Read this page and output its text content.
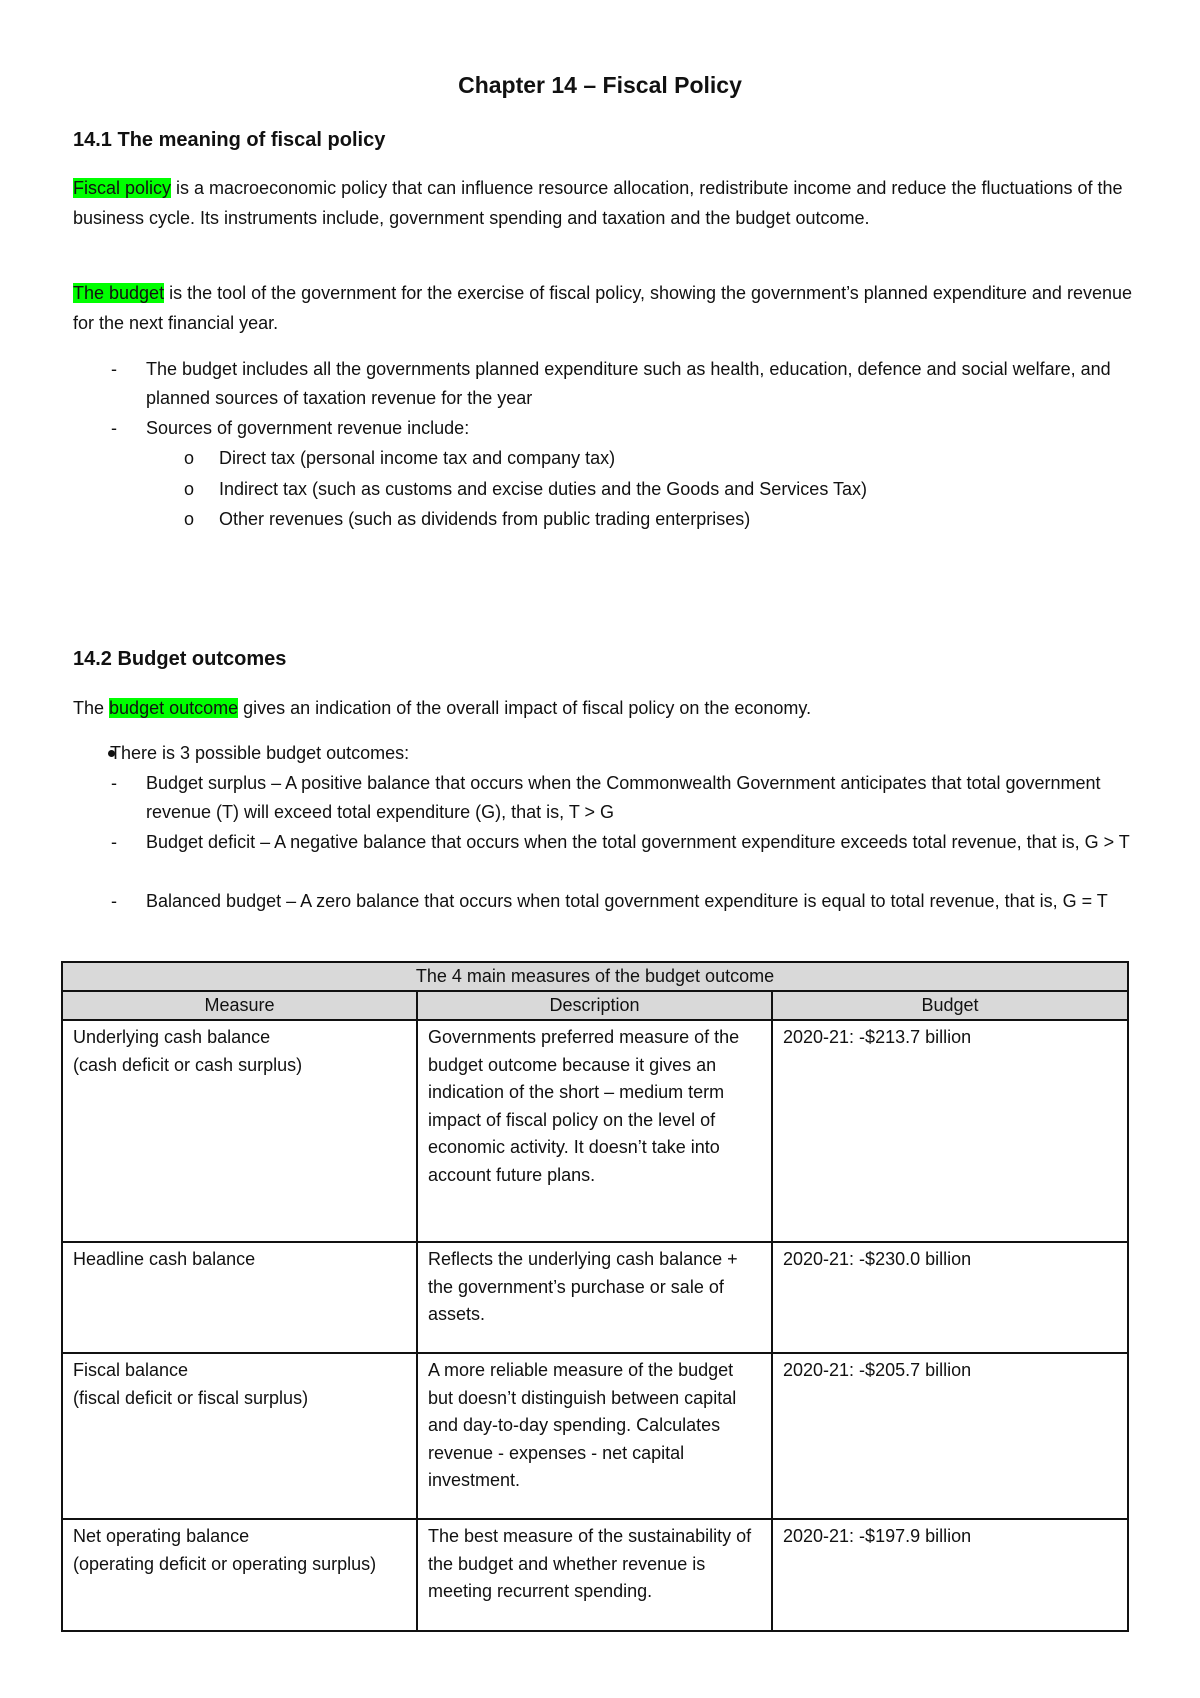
Chapter 14 – Fiscal Policy
14.1 The meaning of fiscal policy
Fiscal policy is a macroeconomic policy that can influence resource allocation, redistribute income and reduce the fluctuations of the business cycle. Its instruments include, government spending and taxation and the budget outcome.
The budget is the tool of the government for the exercise of fiscal policy, showing the government’s planned expenditure and revenue for the next financial year.
- The budget includes all the governments planned expenditure such as health, education, defence and social welfare, and planned sources of taxation revenue for the year
- Sources of government revenue include:
o Direct tax (personal income tax and company tax)
o Indirect tax (such as customs and excise duties and the Goods and Services Tax)
o Other revenues (such as dividends from public trading enterprises)
14.2 Budget outcomes
The budget outcome gives an indication of the overall impact of fiscal policy on the economy.
There is 3 possible budget outcomes:
- Budget surplus – A positive balance that occurs when the Commonwealth Government anticipates that total government revenue (T) will exceed total expenditure (G), that is, T > G
- Budget deficit – A negative balance that occurs when the total government expenditure exceeds total revenue, that is, G > T
- Balanced budget – A zero balance that occurs when total government expenditure is equal to total revenue, that is, G = T
The 4 main measures of the budget outcome		
Measure	Description	Budget

Underlying cash balance
(cash deficit or cash surplus)	Governments preferred measure of the budget outcome because it gives an indication of the short – medium term impact of fiscal policy on the level of economic activity. It doesn’t take into account future plans.	2020-21: -$213.7 billion

Headline cash balance	Reflects the underlying cash balance + the government’s purchase or sale of assets.	2020-21: -$230.0 billion

Fiscal balance
(fiscal deficit or fiscal surplus)	A more reliable measure of the budget but doesn’t distinguish between capital and day-to-day spending. Calculates revenue - expenses - net capital investment.	2020-21: -$205.7 billion

Net operating balance
(operating deficit or operating surplus)	The best measure of the sustainability of the budget and whether revenue is meeting recurrent spending.	2020-21: -$197.9 billion
